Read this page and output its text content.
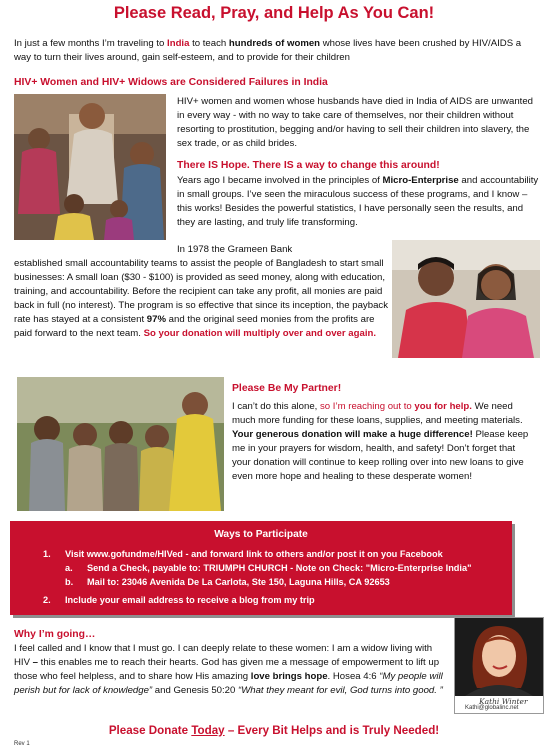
Please Read, Pray, and Help As You Can!

In just a few months I’m traveling to India to teach hundreds of women whose lives have been crushed by HIV/AIDS a way to turn their lives around, gain self-esteem, and to provide for their children

HIV+ Women and HIV+ Widows are Considered Failures in India

HIV+ women and women whose husbands have died in India of AIDS are unwanted in every way - with no way to take care of themselves, nor their children without resorting to prostitution, begging and/or having to sell their children into slavery, the sex trade, or as child brides.

There IS Hope. There IS a way to change this around!

Years ago I became involved in the principles of Micro-Enterprise and accountability in small groups. I’ve seen the miraculous success of these programs, and I know – this works! Besides the powerful statistics, I have personally seen the results, and they are lasting, and truly life transforming.

In 1978 the Grameen Bank

established small accountability teams to assist the people of Bangladesh to start small businesses: A small loan ($30 - $100) is provided as seed money, along with education, training, and accountability. Before the recipient can take any profit, all monies are paid back in full (no interest). The program is so effective that since its inception, the payback rate has stayed at a consistent 97% and the original seed monies from the profits are paid forward to the next team. So your donation will multiply over and over again.

Please Be My Partner!

I can’t do this alone, so I’m reaching out to you for help. We need much more funding for these loans, supplies, and meeting materials. Your generous donation will make a huge difference! Please keep me in your prayers for wisdom, health, and safety! Don’t forget that your donation will continue to keep rolling over into new loans to give even more hope and healing to these desperate women!

Ways to Participate
1. Visit www.gofundme/HIVed - and forward link to others and/or post it on you Facebook
a. Send a Check, payable to: TRIUMPH CHURCH - Note on Check: "Micro-Enterprise India"
b. Mail to: 23046 Avenida De La Carlota, Ste 150, Laguna Hills, CA 92653
2. Include your email address to receive a blog from my trip
Why I’m going…

I feel called and I know that I must go. I can deeply relate to these women: I am a widow living with HIV – this enables me to reach their hearts. God has given me a message of empowerment to lift up those who feel helpless, and to share how His amazing love brings hope. Hosea 4:6 “My people will perish but for lack of knowledge” and Genesis 50:20 “What they meant for evil, God turns into good. ”

Kathi Winter
Kathi@globalinc.net
Please Donate Today – Every Bit Helps and is Truly Needed!
Rev 1
